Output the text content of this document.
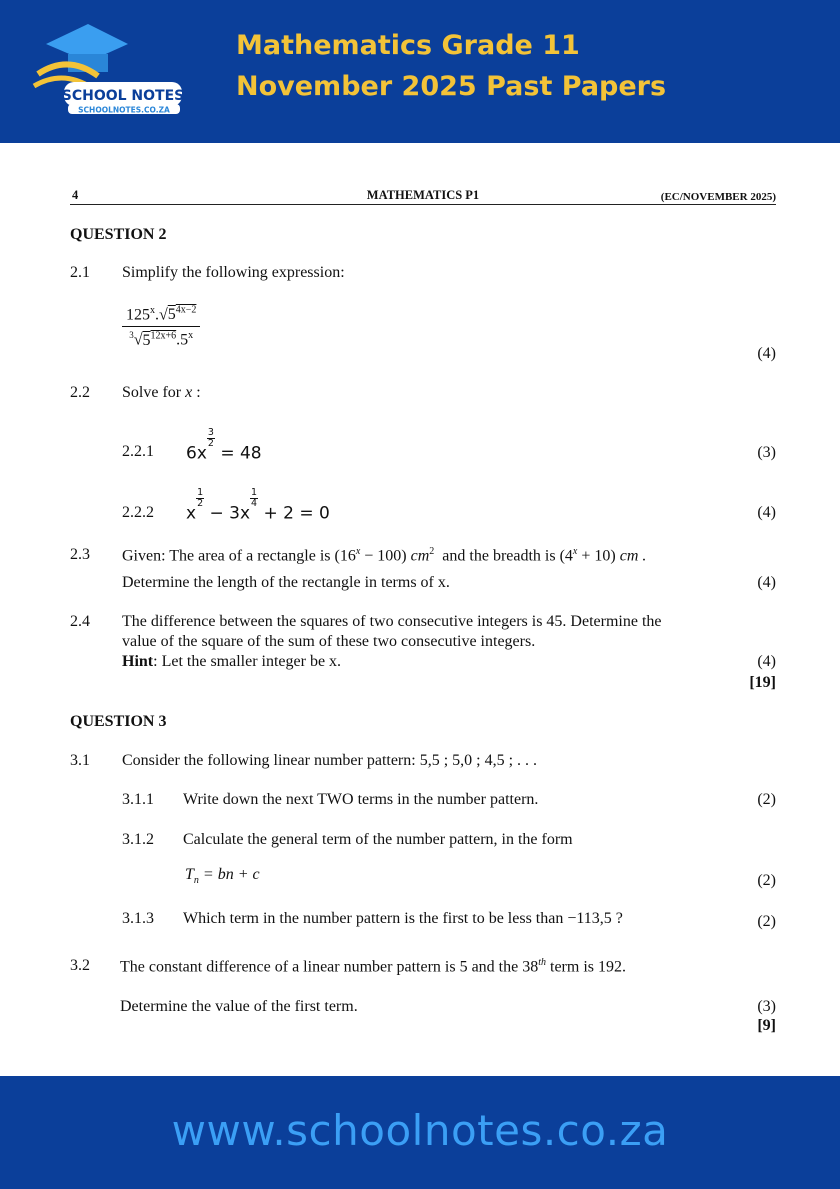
SCHOOL NOTES
SCHOOLNOTES.CO.ZA
Mathematics Grade 11
November 2025 Past Papers
4	MATHEMATICS P1	(EC/NOVEMBER 2025)
QUESTION 2
2.1 Simplify the following expression:
$\frac{125^x.√5^{4x-2}}{^3√5^{12x+6}.5^x}$
(4)
2.2 Solve for x :
2.2.1 6x
$\frac{3}{2}$
= 48	(3)
2.2.2 x
$\frac{1}{2}$
− 3x
$\frac{1}{4}$
+ 2 = 0	(4)
2.3 Given: The area of a rectangle is $(16^x - 100)$ $cm^2$ and the breadth is $(4^x + 10)$ cm .
Determine the length of the rectangle in terms of x.	(4)
2.4 The difference between the squares of two consecutive integers is 45. Determine the
value of the square of the sum of these two consecutive integers.
Hint: Let the smaller integer be x.	(4)
[19]
QUESTION 3
3.1 Consider the following linear number pattern: 5,5 ; 5,0 ; 4,5 ; . . .
3.1.1 Write down the next TWO terms in the number pattern.	(2)
3.1.2 Calculate the general term of the number pattern, in the form
$T_n$ = bn + c	(2)
3.1.3 Which term in the number pattern is the first to be less than −113,5 ?	(2)
3.2 The constant difference of a linear number pattern is 5 and the 38th term is 192.
Determine the value of the first term.	(3)
[9]
www.schoolnotes.co.za
